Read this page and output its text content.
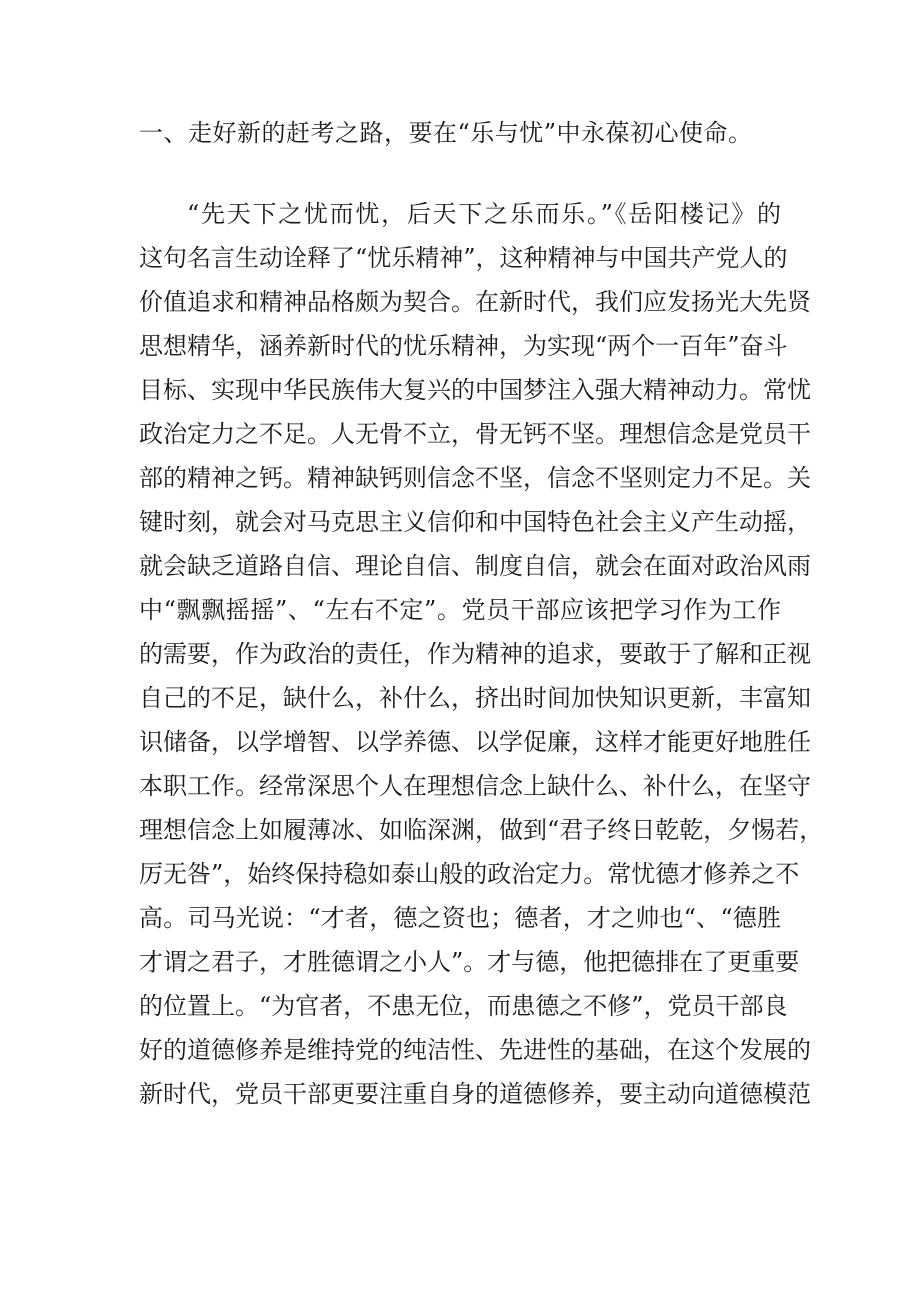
一、走好新的赶考之路，要在“乐与忧”中永葆初心使命。
“先天下之忧而忧，后天下之乐而乐。”《岳阳楼记》的
这句名言生动诠释了“忧乐精神”，这种精神与中国共产党人的
价值追求和精神品格颇为契合。在新时代，我们应发扬光大先贤
思想精华，涵养新时代的忧乐精神，为实现“两个一百年”奋斗
目标、实现中华民族伟大复兴的中国梦注入强大精神动力。常忧
政治定力之不足。人无骨不立，骨无钙不坚。理想信念是党员干
部的精神之钙。精神缺钙则信念不坚，信念不坚则定力不足。关
键时刻，就会对马克思主义信仰和中国特色社会主义产生动摇，
就会缺乏道路自信、理论自信、制度自信，就会在面对政治风雨
中“飘飘摇摇”、“左右不定”。党员干部应该把学习作为工作
的需要，作为政治的责任，作为精神的追求，要敢于了解和正视
自己的不足，缺什么，补什么，挤出时间加快知识更新，丰富知
识储备，以学增智、以学养德、以学促廉，这样才能更好地胜任
本职工作。经常深思个人在理想信念上缺什么、补什么，在坚守
理想信念上如履薄冰、如临深渊，做到“君子终日乾乾，夕惕若，
厉无咎”，始终保持稳如泰山般的政治定力。常忧德才修养之不
高。司马光说：“才者，德之资也；德者，才之帅也“、“德胜
才谓之君子，才胜德谓之小人”。才与德，他把德排在了更重要
的位置上。“为官者，不患无位，而患德之不修”，党员干部良
好的道德修养是维持党的纯洁性、先进性的基础，在这个发展的
新时代，党员干部更要注重自身的道德修养，要主动向道德模范
